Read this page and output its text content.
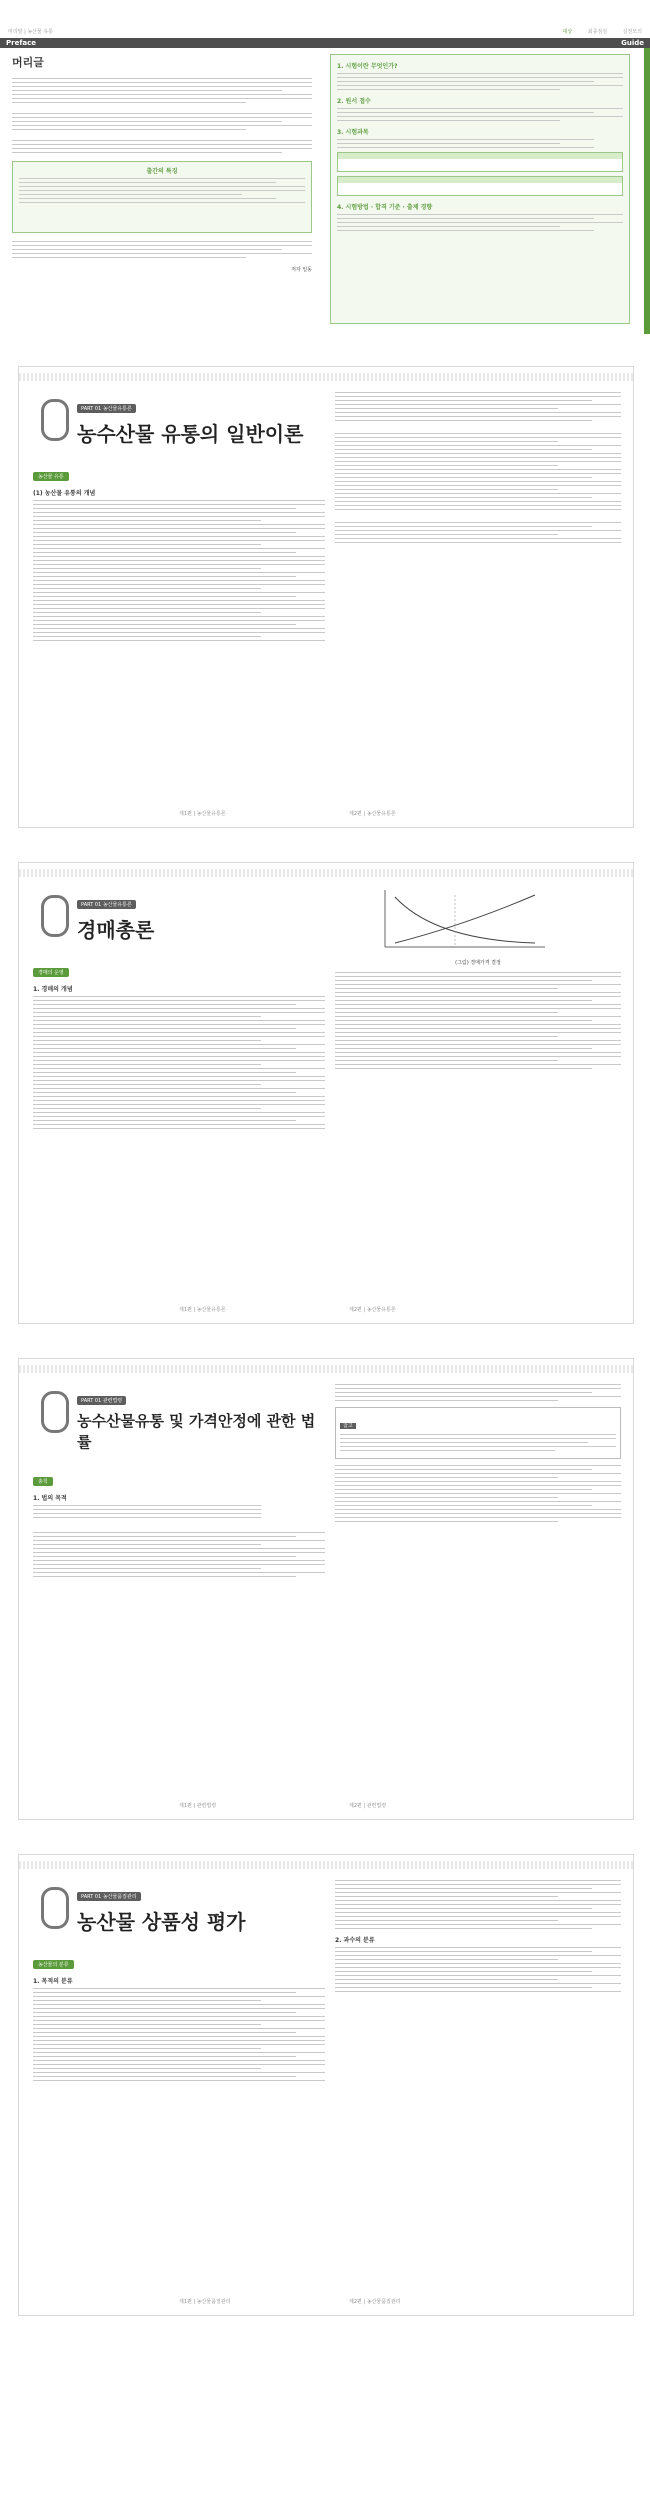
머리말 | 농산물 유통	대상	최종점검	실전모의
Preface	Guide
머리글
출간의 특징
저자 일동
1. 시험이란 무엇인가?
2. 원서 접수
3. 시험과목
4. 시험방법 · 합격 기준 · 출제 경향
PART 01 농산물유통론
농수산물 유통의 일반이론
농산물 유통
(1) 농산물 유통의 개념
제1편 | 농산물유통론	제2편 | 농산물유통론
PART 01 농산물유통론
경매총론
경매의 운영
1. 경매의 개념
(그림) 경매가격 결정
제1편 | 농산물유통론	제2편 | 농산물유통론
PART 01 관련법령
농수산물유통 및 가격안정에 관한 법률
총칙
1. 법의 목적
참고
제1편 | 관련법령	제2편 | 관련법령
PART 01 농산물품질관리
농산물 상품성 평가
농산물의 분류
1. 목적의 분류
2. 과수의 분류
제1편 | 농산물품질관리	제2편 | 농산물품질관리
